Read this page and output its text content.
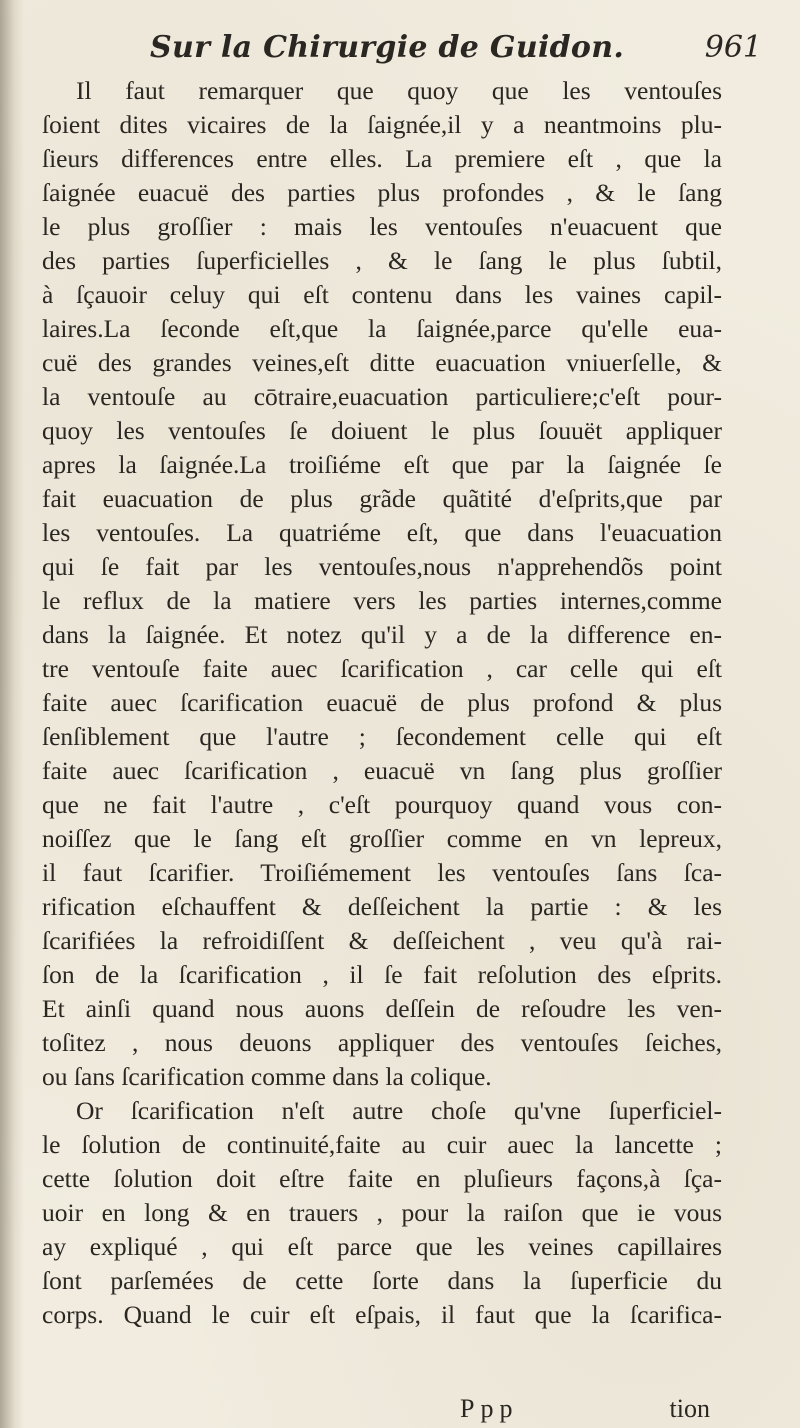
Sur la Chirurgie de Guidon.	961
Il faut remarquer que quoy que les ventouſes
ſoient dites vicaires de la ſaignée,il y a neantmoins plu-
ſieurs differences entre elles. La premiere eſt , que la
ſaignée euacuë des parties plus profondes , & le ſang
le plus groſſier : mais les ventouſes n'euacuent que
des parties ſuperficielles , & le ſang le plus ſubtil,
à ſçauoir celuy qui eſt contenu dans les vaines capil-
laires.La ſeconde eſt,que la ſaignée,parce qu'elle eua-
cuë des grandes veines,eſt ditte euacuation vniuerſelle, &
la ventouſe au cōtraire,euacuation particuliere;c'eſt pour-
quoy les ventouſes ſe doiuent le plus ſouuët appliquer
apres la ſaignée.La troiſiéme eſt que par la ſaignée ſe
fait euacuation de plus grãde quãtité d'eſprits,que par
les ventouſes. La quatriéme eſt, que dans l'euacuation
qui ſe fait par les ventouſes,nous n'apprehendõs point
le reflux de la matiere vers les parties internes,comme
dans la ſaignée. Et notez qu'il y a de la difference en-
tre ventouſe faite auec ſcarification , car celle qui eſt
faite auec ſcarification euacuë de plus profond & plus
ſenſiblement que l'autre ; ſecondement celle qui eſt
faite auec ſcarification , euacuë vn ſang plus groſſier
que ne fait l'autre , c'eſt pourquoy quand vous con-
noiſſez que le ſang eſt groſſier comme en vn lepreux,
il faut ſcarifier. Troiſiémement les ventouſes ſans ſca-
rification eſchauffent & deſſeichent la partie : & les
ſcarifiées la refroidiſſent & deſſeichent , veu qu'à rai-
ſon de la ſcarification , il ſe fait reſolution des eſprits.
Et ainſi quand nous auons deſſein de reſoudre les ven-
toſitez , nous deuons appliquer des ventouſes ſeiches,
ou ſans ſcarification comme dans la colique.
Or ſcarification n'eſt autre choſe qu'vne ſuperficiel-
le ſolution de continuité,faite au cuir auec la lancette ;
cette ſolution doit eſtre faite en pluſieurs façons,à ſça-
uoir en long & en trauers , pour la raiſon que ie vous
ay expliqué , qui eſt parce que les veines capillaires
ſont parſemées de cette ſorte dans la ſuperficie du
corps. Quand le cuir eſt eſpais, il faut que la ſcarifica-
Ppp	tion
